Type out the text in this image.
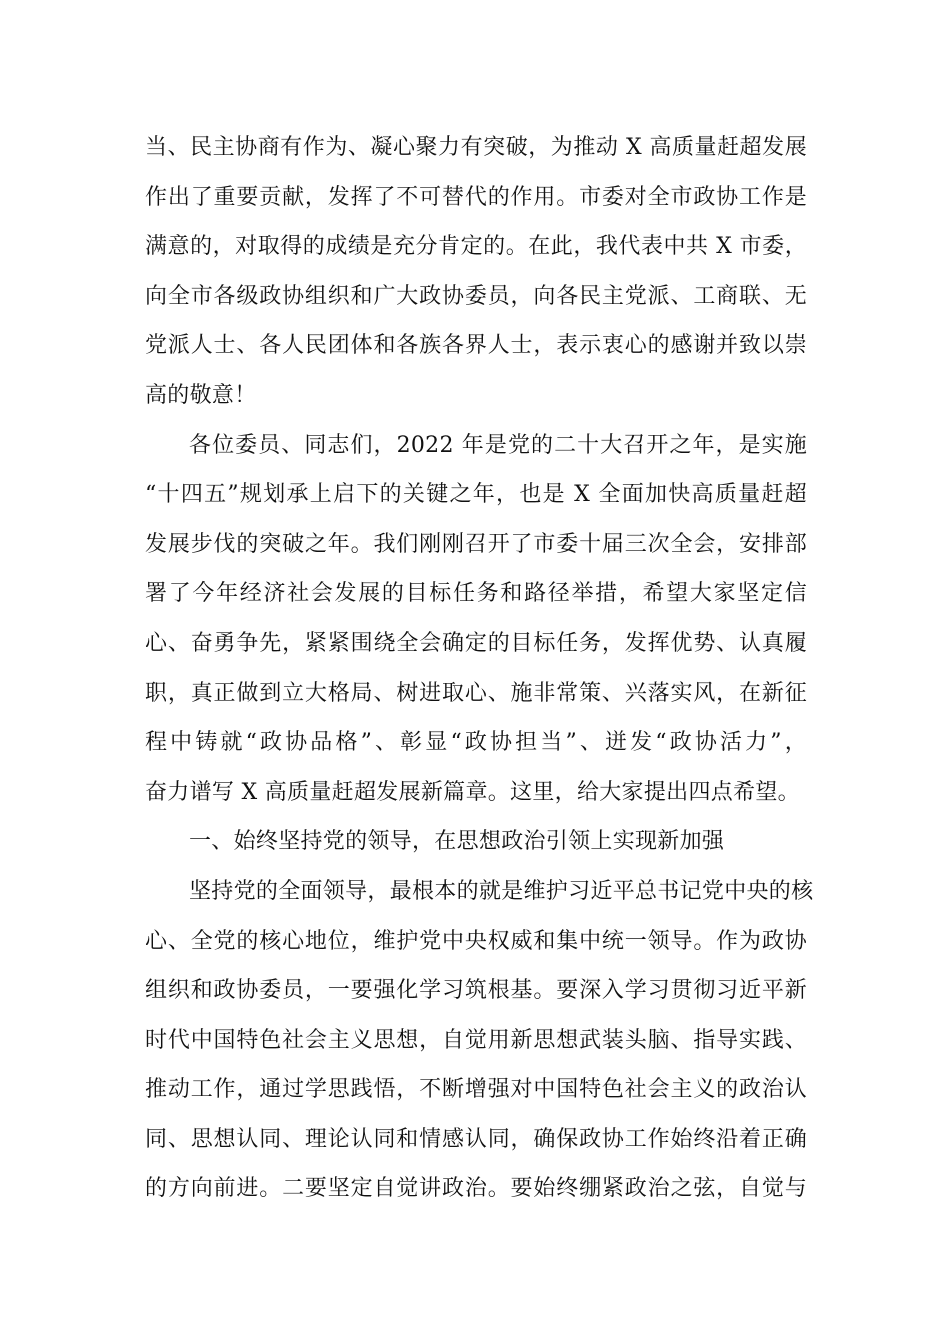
当、民主协商有作为、凝心聚力有突破，为推动 X 高质量赶超发展
作出了重要贡献，发挥了不可替代的作用。市委对全市政协工作是
满意的，对取得的成绩是充分肯定的。在此，我代表中共 X 市委，
向全市各级政协组织和广大政协委员，向各民主党派、工商联、无
党派人士、各人民团体和各族各界人士，表示衷心的感谢并致以崇
高的敬意！
各位委员、同志们，2022 年是党的二十大召开之年，是实施
“十四五”规划承上启下的关键之年，也是 X 全面加快高质量赶超
发展步伐的突破之年。我们刚刚召开了市委十届三次全会，安排部
署了今年经济社会发展的目标任务和路径举措，希望大家坚定信
心、奋勇争先，紧紧围绕全会确定的目标任务，发挥优势、认真履
职，真正做到立大格局、树进取心、施非常策、兴落实风，在新征
程中铸就“政协品格”、彰显“政协担当”、迸发“政协活力”，
奋力谱写 X 高质量赶超发展新篇章。这里，给大家提出四点希望。
一、始终坚持党的领导，在思想政治引领上实现新加强
坚持党的全面领导，最根本的就是维护习近平总书记党中央的核
心、全党的核心地位，维护党中央权威和集中统一领导。作为政协
组织和政协委员，一要强化学习筑根基。要深入学习贯彻习近平新
时代中国特色社会主义思想，自觉用新思想武装头脑、指导实践、
推动工作，通过学思践悟，不断增强对中国特色社会主义的政治认
同、思想认同、理论认同和情感认同，确保政协工作始终沿着正确
的方向前进。二要坚定自觉讲政治。要始终绷紧政治之弦，自觉与
